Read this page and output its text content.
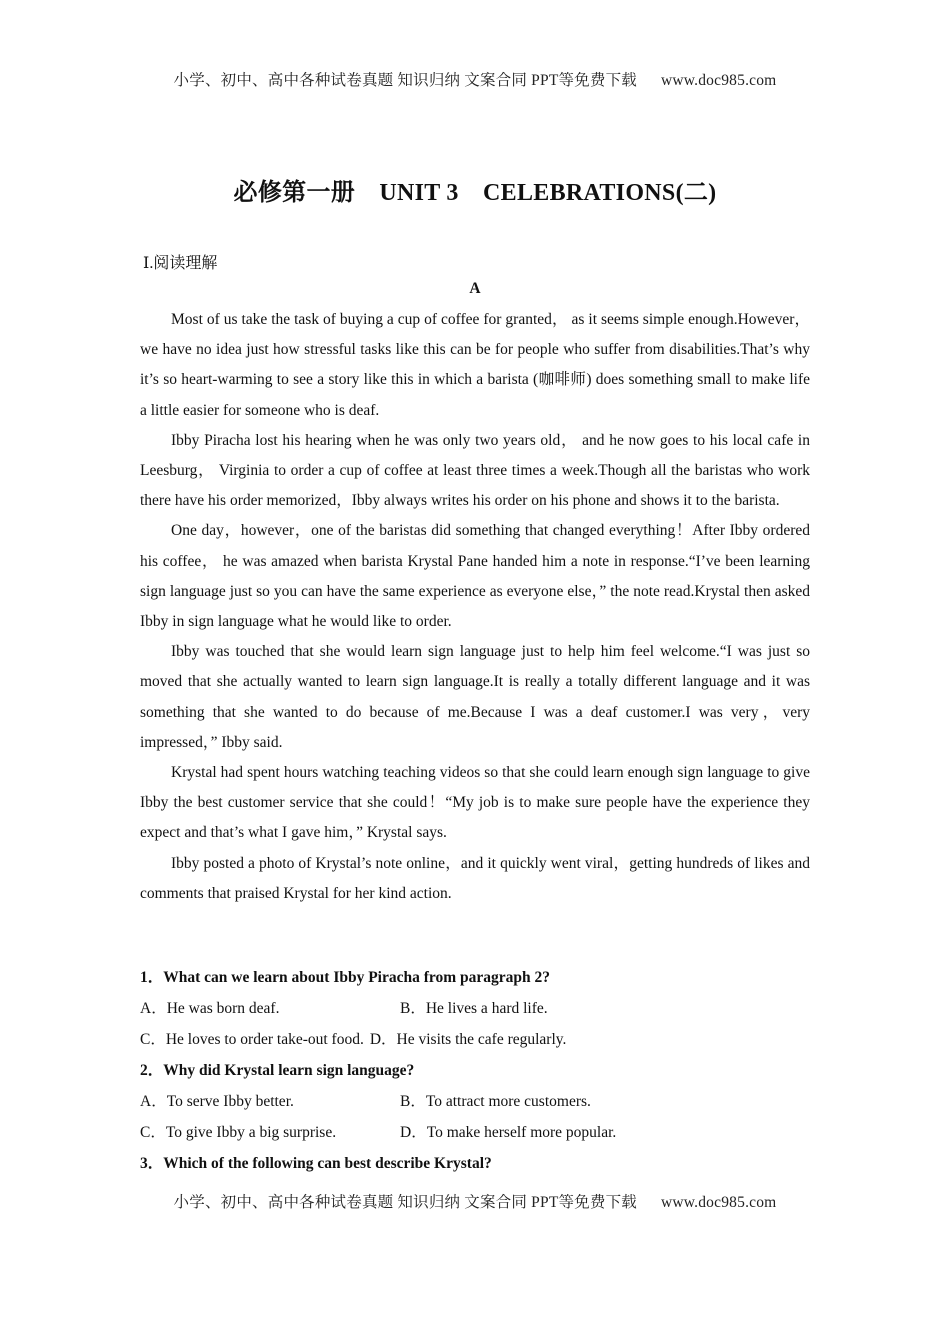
小学、初中、高中各种试卷真题 知识归纳 文案合同 PPT等免费下载 www.doc985.com
必修第一册　UNIT 3　CELEBRATIONS(二)
Ⅰ.阅读理解
A

Most of us take the task of buying a cup of coffee for granted， as it seems simple enough.However，we have no idea just how stressful tasks like this can be for people who suffer from disabilities.That’s why it’s so heart-warming to see a story like this in which a barista (咖啡师) does something small to make life a little easier for someone who is deaf.

Ibby Piracha lost his hearing when he was only two years old， and he now goes to his local cafe in Leesburg， Virginia to order a cup of coffee at least three times a week.Though all the baristas who work there have his order memorized，Ibby always writes his order on his phone and shows it to the barista.

One day，however，one of the baristas did something that changed everything！After Ibby ordered his coffee， he was amazed when barista Krystal Pane handed him a note in response.“I’ve been learning sign language just so you can have the same experience as everyone else，” the note read.Krystal then asked Ibby in sign language what he would like to order.

Ibby was touched that she would learn sign language just to help him feel welcome.“I was just so moved that she actually wanted to learn sign language.It is really a totally different language and it was something that she wanted to do because of me.Because I was a deaf customer.I was very，very impressed，” Ibby said.

Krystal had spent hours watching teaching videos so that she could learn enough sign language to give Ibby the best customer service that she could！“My job is to make sure people have the experience they expect and that’s what I gave him，” Krystal says.

Ibby posted a photo of Krystal’s note online，and it quickly went viral，getting hundreds of likes and comments that praised Krystal for her kind action.

1．What can we learn about Ibby Piracha from paragraph 2?
A．He was born deaf.	B．He lives a hard life.
C．He loves to order take-out food. D．He visits the cafe regularly.
2．Why did Krystal learn sign language?
A．To serve Ibby better.	B．To attract more customers.
C．To give Ibby a big surprise.	D．To make herself more popular.
3．Which of the following can best describe Krystal?
小学、初中、高中各种试卷真题 知识归纳 文案合同 PPT等免费下载 www.doc985.com
